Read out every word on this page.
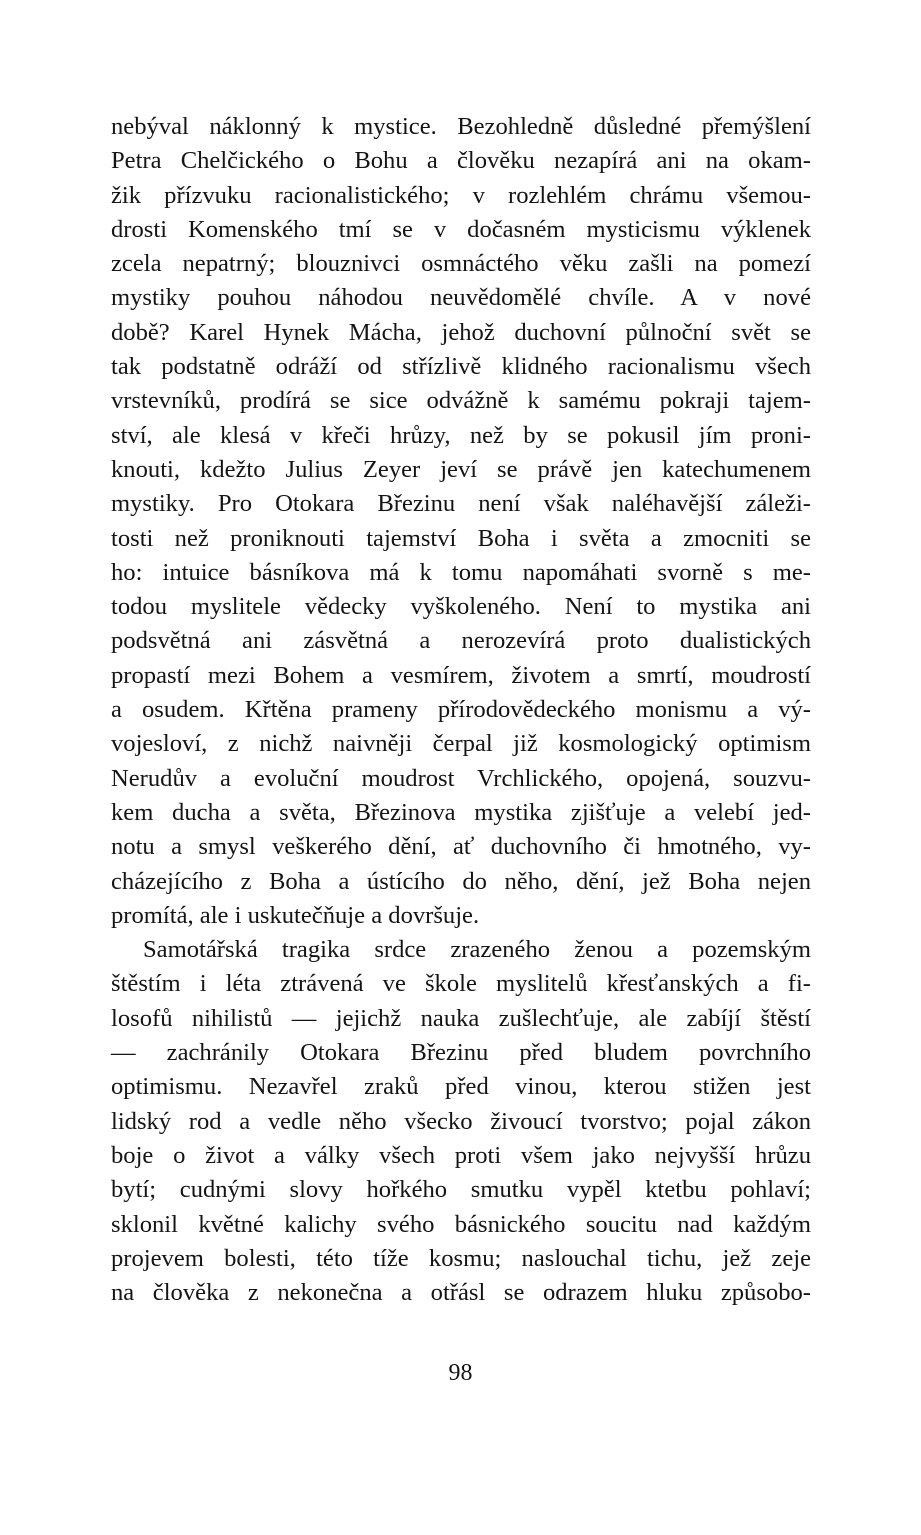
nebýval náklonný k mystice. Bezohledně důsledné přemýšlení
Petra Chelčického o Bohu a člověku nezapírá ani na okam-
žik přízvuku racionalistického; v rozlehlém chrámu všemou-
drosti Komenského tmí se v dočasném mysticismu výklenek
zcela nepatrný; blouznivci osmnáctého věku zašli na pomezí
mystiky pouhou náhodou neuvědomělé chvíle. A v nové
době? Karel Hynek Mácha, jehož duchovní půlnoční svět se
tak podstatně odráží od střízlivě klidného racionalismu všech
vrstevníků, prodírá se sice odvážně k samému pokraji tajem-
ství, ale klesá v křeči hrůzy, než by se pokusil jím proni-
knouti, kdežto Julius Zeyer jeví se právě jen katechumenem
mystiky. Pro Otokara Březinu není však naléhavější záleži-
tosti než proniknouti tajemství Boha i světa a zmocniti se
ho: intuice básníkova má k tomu napomáhati svorně s me-
todou myslitele vědecky vyškoleného. Není to mystika ani
podsvětná ani zásvětná a nerozevírá proto dualistických
propastí mezi Bohem a vesmírem, životem a smrtí, moudrostí
a osudem. Křtěna prameny přírodovědeckého monismu a vý-
vojesloví, z nichž naivněji čerpal již kosmologický optimism
Nerudův a evoluční moudrost Vrchlického, opojená, souzvu-
kem ducha a světa, Březinova mystika zjišťuje a velebí jed-
notu a smysl veškerého dění, ať duchovního či hmotného, vy-
cházejícího z Boha a ústícího do něho, dění, jež Boha nejen
promítá, ale i uskutečňuje a dovršuje.
Samotářská tragika srdce zrazeného ženou a pozemským
štěstím i léta ztrávená ve škole myslitelů křesťanských a fi-
losofů nihilistů — jejichž nauka zušlechťuje, ale zabíjí štěstí
— zachránily Otokara Březinu před bludem povrchního
optimismu. Nezavřel zraků před vinou, kterou stižen jest
lidský rod a vedle něho všecko živoucí tvorstvo; pojal zákon
boje o život a války všech proti všem jako nejvyšší hrůzu
bytí; cudnými slovy hořkého smutku vypěl ktetbu pohlaví;
sklonil květné kalichy svého básnického soucitu nad každým
projevem bolesti, této tíže kosmu; naslouchal tichu, jež zeje
na člověka z nekonečna a otřásl se odrazem hluku způsobo-
98
